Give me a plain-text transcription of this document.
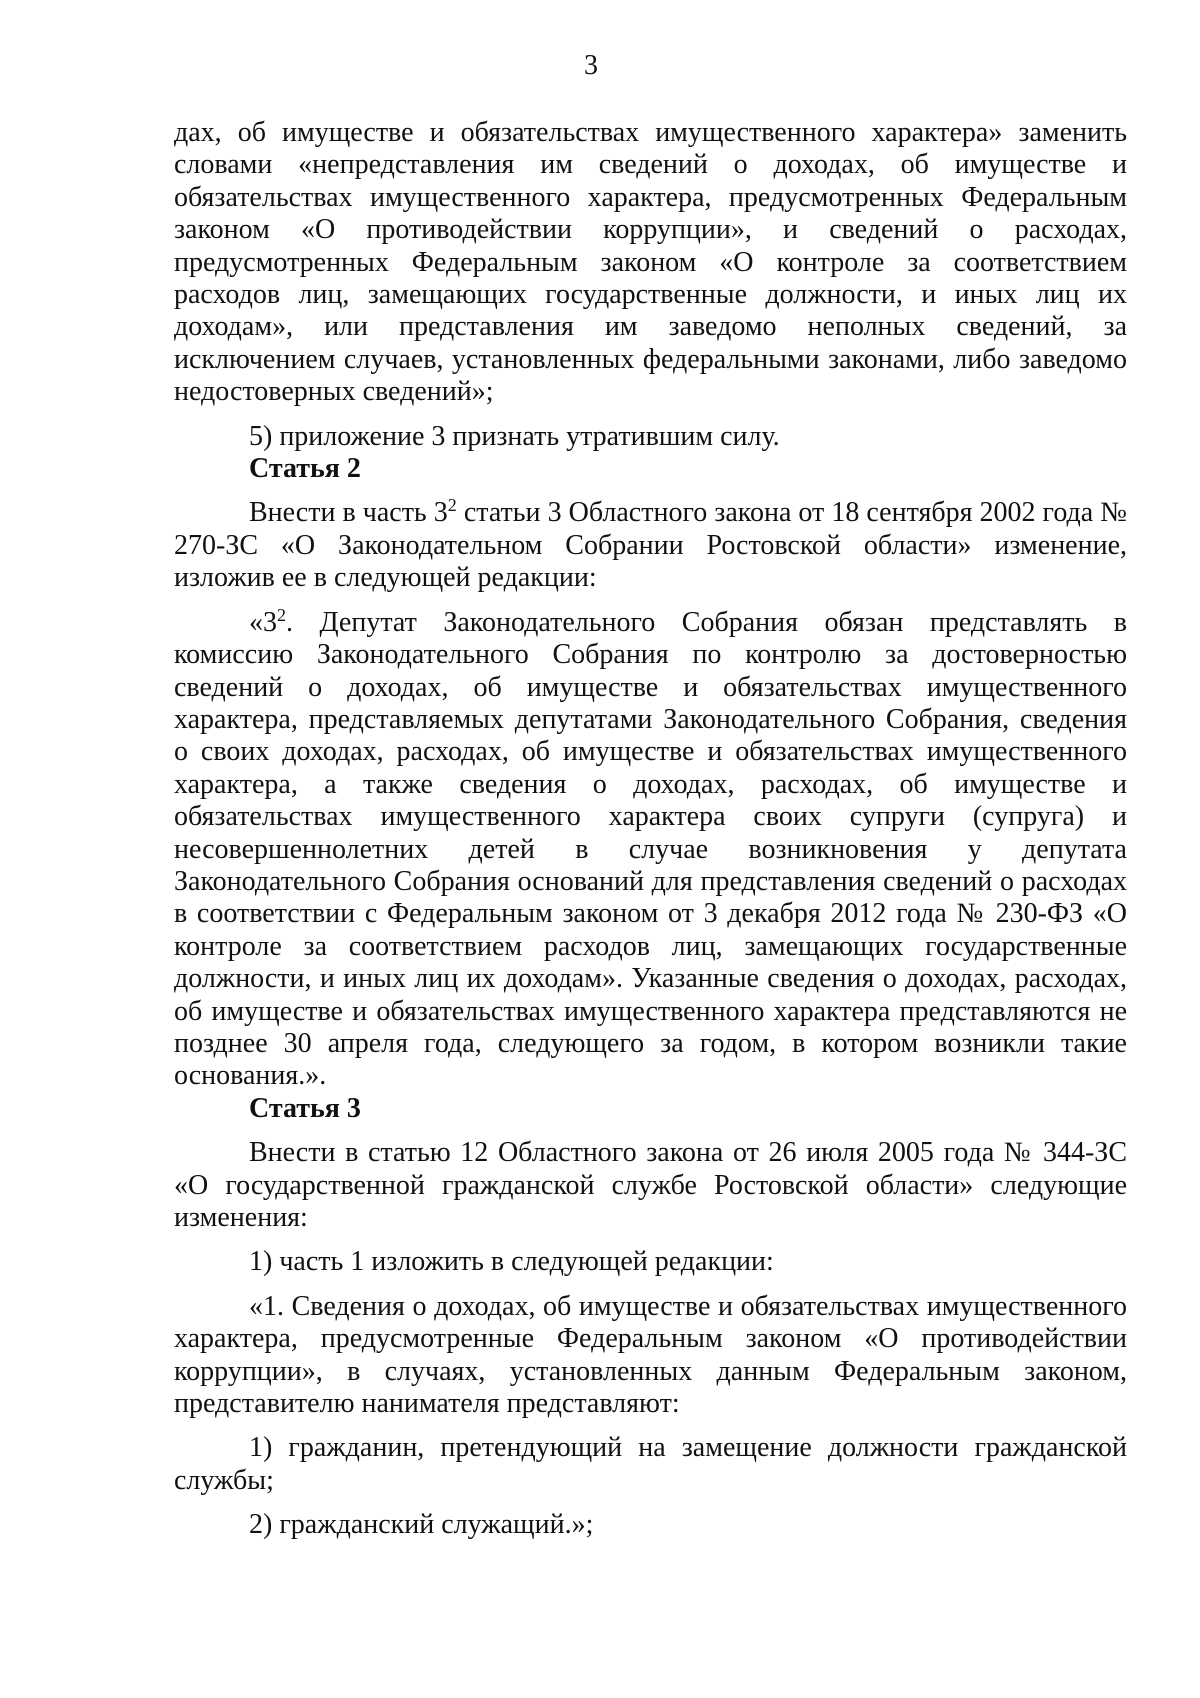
3

дах, об имуществе и обязательствах имущественного характера» заменить словами «непредставления им сведений о доходах, об имуществе и обязательствах имущественного характера, предусмотренных Федеральным законом «О противодействии коррупции», и сведений о расходах, предусмотренных Федеральным законом «О контроле за соответствием расходов лиц, замещающих государственные должности, и иных лиц их доходам», или представления им заведомо неполных сведений, за исключением случаев, установленных федеральными законами, либо заведомо недостоверных сведений»;

5) приложение 3 признать утратившим силу.

Статья 2

Внести в часть $3^2$ статьи 3 Областного закона от 18 сентября 2002 года № 270-ЗС «О Законодательном Собрании Ростовской области» изменение, изложив ее в следующей редакции:

«$3^2$. Депутат Законодательного Собрания обязан представлять в комиссию Законодательного Собрания по контролю за достоверностью сведений о доходах, об имуществе и обязательствах имущественного характера, представляемых депутатами Законодательного Собрания, сведения о своих доходах, расходах, об имуществе и обязательствах имущественного характера, а также сведения о доходах, расходах, об имуществе и обязательствах имущественного характера своих супруги (супруга) и несовершеннолетних детей в случае возникновения у депутата Законодательного Собрания оснований для представления сведений о расходах в соответствии с Федеральным законом от 3 декабря 2012 года № 230-ФЗ «О контроле за соответствием расходов лиц, замещающих государственные должности, и иных лиц их доходам». Указанные сведения о доходах, расходах, об имуществе и обязательствах имущественного характера представляются не позднее 30 апреля года, следующего за годом, в котором возникли такие основания.».

Статья 3

Внести в статью 12 Областного закона от 26 июля 2005 года № 344-ЗС «О государственной гражданской службе Ростовской области» следующие изменения:

1) часть 1 изложить в следующей редакции:

«1. Сведения о доходах, об имуществе и обязательствах имущественного характера, предусмотренные Федеральным законом «О противодействии коррупции», в случаях, установленных данным Федеральным законом, представителю нанимателя представляют:

1) гражданин, претендующий на замещение должности гражданской службы;

2) гражданский служащий.»;
